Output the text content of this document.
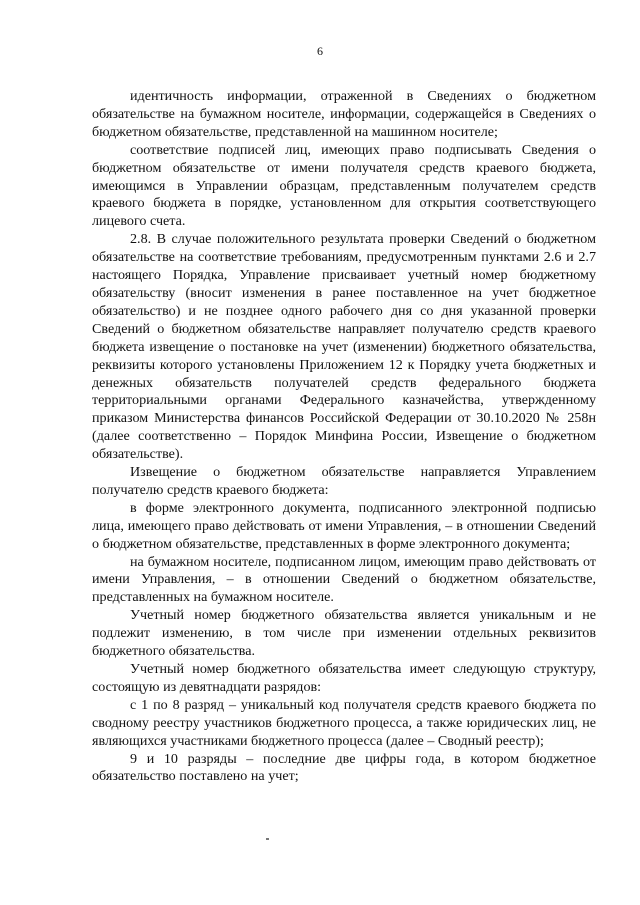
6

идентичность информации, отраженной в Сведениях о бюджетном обязательстве на бумажном носителе, информации, содержащейся в Сведениях о бюджетном обязательстве, представленной на машинном носителе;

соответствие подписей лиц, имеющих право подписывать Сведения о бюджетном обязательстве от имени получателя средств краевого бюджета, имеющимся в Управлении образцам, представленным получателем средств краевого бюджета в порядке, установленном для открытия соответствующего лицевого счета.

2.8. В случае положительного результата проверки Сведений о бюджетном обязательстве на соответствие требованиям, предусмотренным пунктами 2.6 и 2.7 настоящего Порядка, Управление присваивает учетный номер бюджетному обязательству (вносит изменения в ранее поставленное на учет бюджетное обязательство) и не позднее одного рабочего дня со дня указанной проверки Сведений о бюджетном обязательстве направляет получателю средств краевого бюджета извещение о постановке на учет (изменении) бюджетного обязательства, реквизиты которого установлены Приложением 12 к Порядку учета бюджетных и денежных обязательств получателей средств федерального бюджета территориальными органами Федерального казначейства, утвержденному приказом Министерства финансов Российской Федерации от 30.10.2020 № 258н (далее соответственно – Порядок Минфина России, Извещение о бюджетном обязательстве).

Извещение о бюджетном обязательстве направляется Управлением получателю средств краевого бюджета:

в форме электронного документа, подписанного электронной подписью лица, имеющего право действовать от имени Управления, – в отношении Сведений о бюджетном обязательстве, представленных в форме электронного документа;

на бумажном носителе, подписанном лицом, имеющим право действовать от имени Управления, – в отношении Сведений о бюджетном обязательстве, представленных на бумажном носителе.

Учетный номер бюджетного обязательства является уникальным и не подлежит изменению, в том числе при изменении отдельных реквизитов бюджетного обязательства.

Учетный номер бюджетного обязательства имеет следующую структуру, состоящую из девятнадцати разрядов:

с 1 по 8 разряд – уникальный код получателя средств краевого бюджета по сводному реестру участников бюджетного процесса, а также юридических лиц, не являющихся участниками бюджетного процесса (далее – Сводный реестр);

9 и 10 разряды – последние две цифры года, в котором бюджетное обязательство поставлено на учет;
